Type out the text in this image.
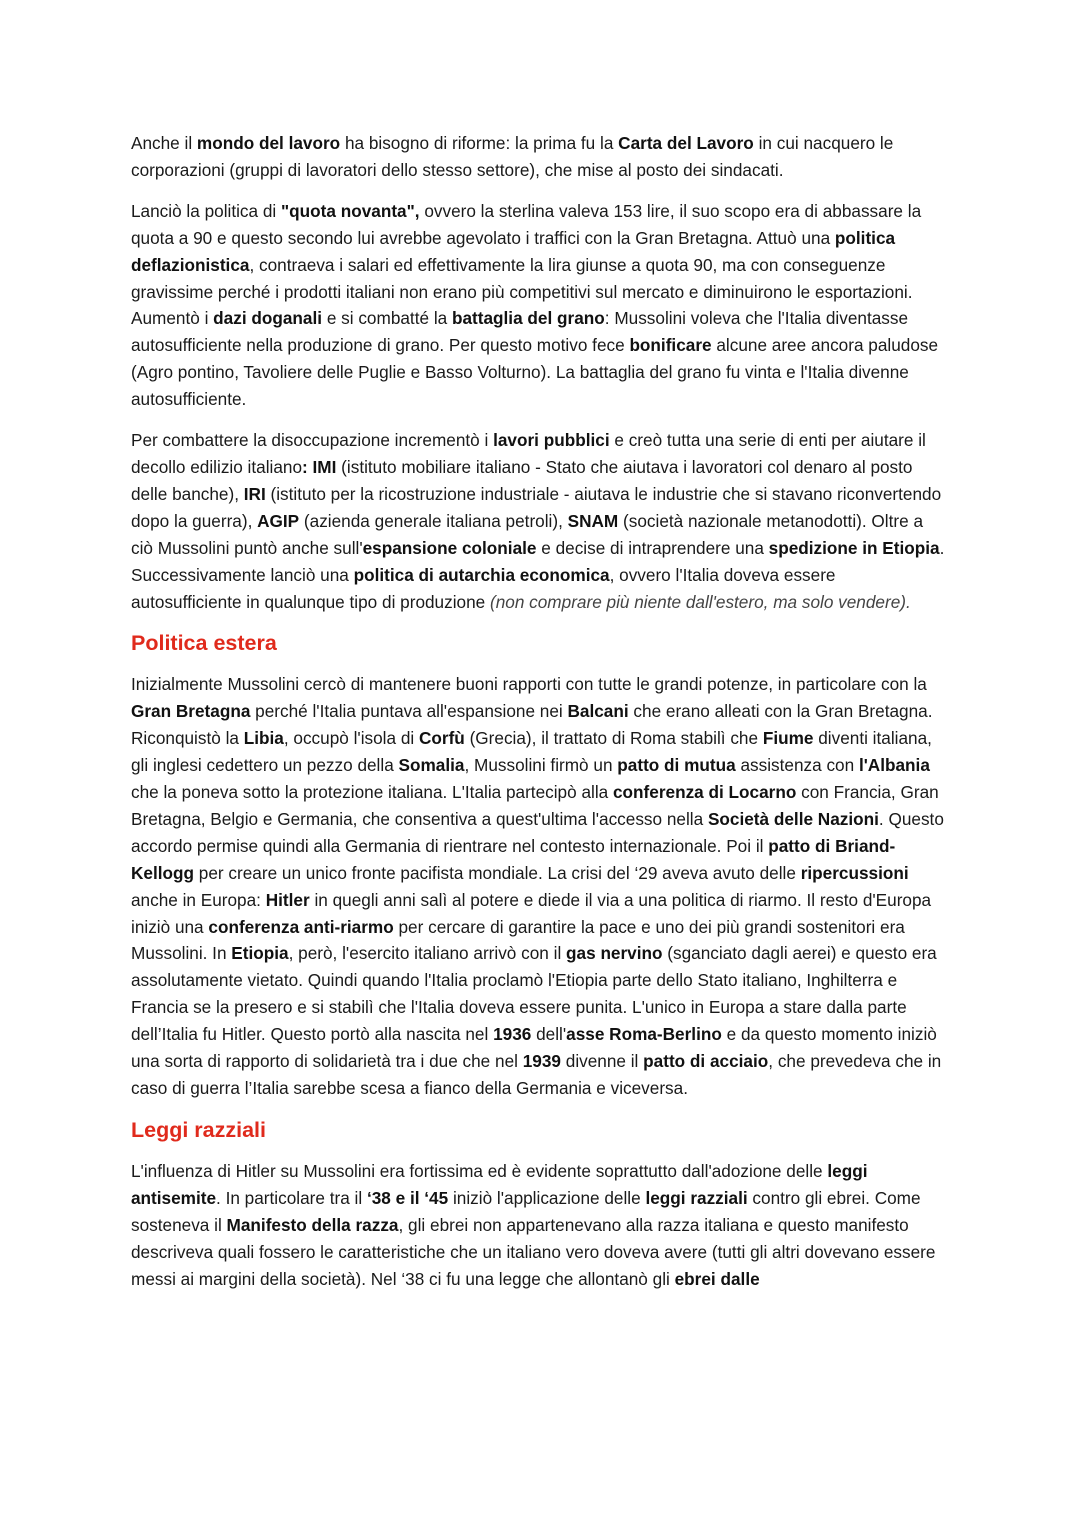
Anche il mondo del lavoro ha bisogno di riforme: la prima fu la Carta del Lavoro in cui nacquero le corporazioni (gruppi di lavoratori dello stesso settore), che mise al posto dei sindacati.
Lanciò la politica di "quota novanta", ovvero la sterlina valeva 153 lire, il suo scopo era di abbassare la quota a 90 e questo secondo lui avrebbe agevolato i traffici con la Gran Bretagna. Attuò una politica deflazionistica, contraeva i salari ed effettivamente la lira giunse a quota 90, ma con conseguenze gravissime perché i prodotti italiani non erano più competitivi sul mercato e diminuirono le esportazioni. Aumentò i dazi doganali e si combatté la battaglia del grano: Mussolini voleva che l'Italia diventasse autosufficiente nella produzione di grano. Per questo motivo fece bonificare alcune aree ancora paludose (Agro pontino, Tavoliere delle Puglie e Basso Volturno). La battaglia del grano fu vinta e l'Italia divenne autosufficiente.
Per combattere la disoccupazione incrementò i lavori pubblici e creò tutta una serie di enti per aiutare il decollo edilizio italiano: IMI (istituto mobiliare italiano - Stato che aiutava i lavoratori col denaro al posto delle banche), IRI (istituto per la ricostruzione industriale - aiutava le industrie che si stavano riconvertendo dopo la guerra), AGIP (azienda generale italiana petroli), SNAM (società nazionale metanodotti). Oltre a ciò Mussolini puntò anche sull'espansione coloniale e decise di intraprendere una spedizione in Etiopia. Successivamente lanciò una politica di autarchia economica, ovvero l'Italia doveva essere autosufficiente in qualunque tipo di produzione (non comprare più niente dall'estero, ma solo vendere).
Politica estera
Inizialmente Mussolini cercò di mantenere buoni rapporti con tutte le grandi potenze, in particolare con la Gran Bretagna perché l'Italia puntava all'espansione nei Balcani che erano alleati con la Gran Bretagna. Riconquistò la Libia, occupò l'isola di Corfù (Grecia), il trattato di Roma stabilì che Fiume diventi italiana, gli inglesi cedettero un pezzo della Somalia, Mussolini firmò un patto di mutua assistenza con l'Albania che la poneva sotto la protezione italiana. L'Italia partecipò alla conferenza di Locarno con Francia, Gran Bretagna, Belgio e Germania, che consentiva a quest'ultima l'accesso nella Società delle Nazioni. Questo accordo permise quindi alla Germania di rientrare nel contesto internazionale. Poi il patto di Briand-Kellogg per creare un unico fronte pacifista mondiale. La crisi del ‘29 aveva avuto delle ripercussioni anche in Europa: Hitler in quegli anni salì al potere e diede il via a una politica di riarmo. Il resto d'Europa iniziò una conferenza anti-riarmo per cercare di garantire la pace e uno dei più grandi sostenitori era Mussolini. In Etiopia, però, l'esercito italiano arrivò con il gas nervino (sganciato dagli aerei) e questo era assolutamente vietato. Quindi quando l'Italia proclamò l'Etiopia parte dello Stato italiano, Inghilterra e Francia se la presero e si stabilì che l'Italia doveva essere punita. L'unico in Europa a stare dalla parte dell’Italia fu Hitler. Questo portò alla nascita nel 1936 dell'asse Roma-Berlino e da questo momento iniziò una sorta di rapporto di solidarietà tra i due che nel 1939 divenne il patto di acciaio, che prevedeva che in caso di guerra l’Italia sarebbe scesa a fianco della Germania e viceversa.
Leggi razziali
L'influenza di Hitler su Mussolini era fortissima ed è evidente soprattutto dall'adozione delle leggi antisemite. In particolare tra il ‘38 e il ‘45 iniziò l'applicazione delle leggi razziali contro gli ebrei. Come sosteneva il Manifesto della razza, gli ebrei non appartenevano alla razza italiana e questo manifesto descriveva quali fossero le caratteristiche che un italiano vero doveva avere (tutti gli altri dovevano essere messi ai margini della società). Nel ‘38 ci fu una legge che allontanò gli ebrei dalle
